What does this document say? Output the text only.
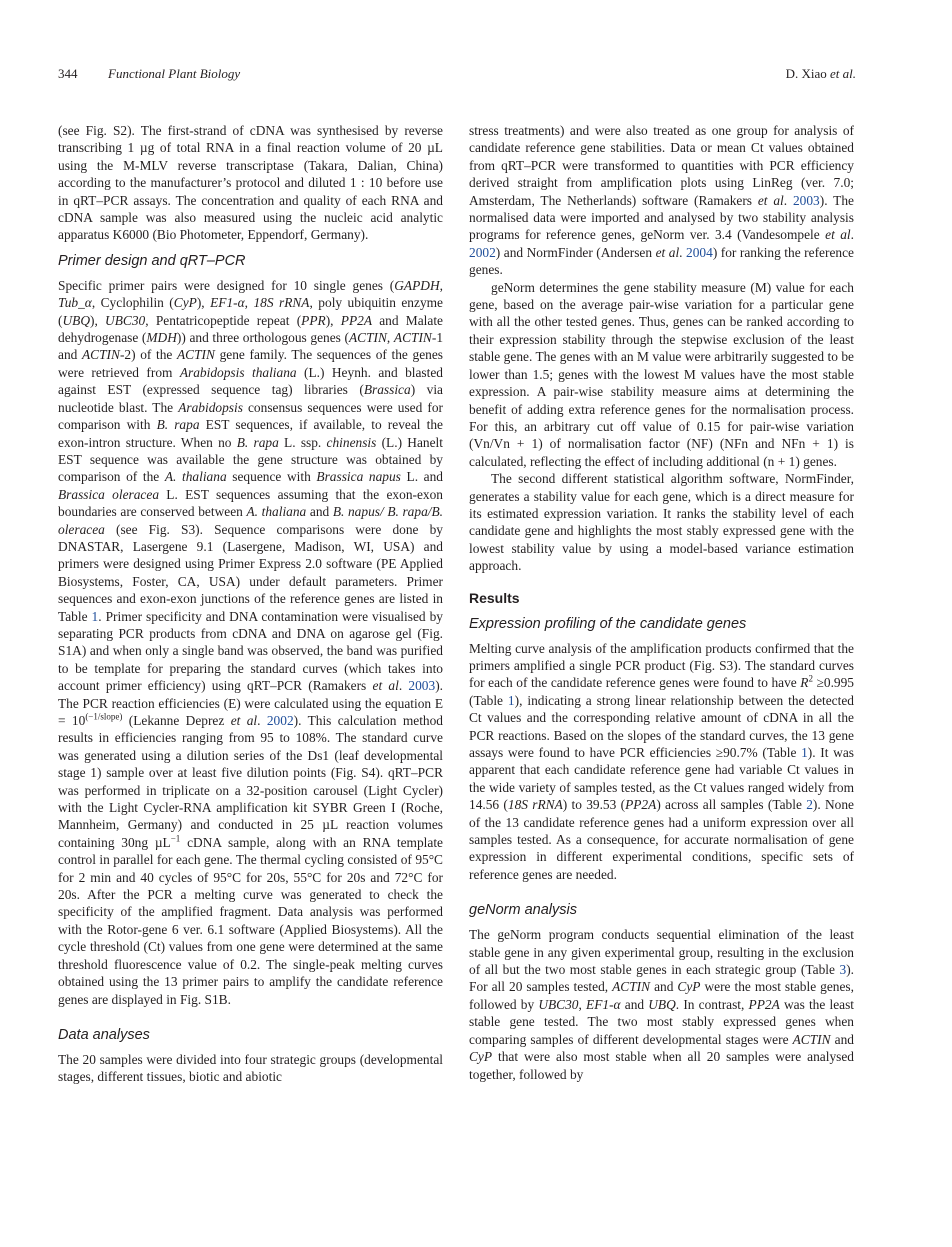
344 Functional Plant Biology	D. Xiao et al.

(see Fig. S2). The first-strand of cDNA was synthesised by reverse transcribing 1 µg of total RNA in a final reaction volume of 20 µL using the M-MLV reverse transcriptase (Takara, Dalian, China) according to the manufacturer’s protocol and diluted 1 : 10 before use in qRT–PCR assays. The concentration and quality of each RNA and cDNA sample was also measured using the nucleic acid analytic apparatus K6000 (Bio Photometer, Eppendorf, Germany).

Primer design and qRT–PCR

Specific primer pairs were designed for 10 single genes (GAPDH, Tub_α, Cyclophilin (CyP), EF1-α, 18S rRNA, poly ubiquitin enzyme (UBQ), UBC30, Pentatricopeptide repeat (PPR), PP2A and Malate dehydrogenase (MDH)) and three orthologous genes (ACTIN, ACTIN-1 and ACTIN-2) of the ACTIN gene family. The sequences of the genes were retrieved from Arabidopsis thaliana (L.) Heynh. and blasted against EST (expressed sequence tag) libraries (Brassica) via nucleotide blast. The Arabidopsis consensus sequences were used for comparison with B. rapa EST sequences, if available, to reveal the exon-intron structure. When no B. rapa L. ssp. chinensis (L.) Hanelt EST sequence was available the gene structure was obtained by comparison of the A. thaliana sequence with Brassica napus L. and Brassica oleracea L. EST sequences assuming that the exon-exon boundaries are conserved between A. thaliana and B. napus/ B. rapa/B. oleracea (see Fig. S3). Sequence comparisons were done by DNASTAR, Lasergene 9.1 (Lasergene, Madison, WI, USA) and primers were designed using Primer Express 2.0 software (PE Applied Biosystems, Foster, CA, USA) under default parameters. Primer sequences and exon-exon junctions of the reference genes are listed in Table 1. Primer specificity and DNA contamination were visualised by separating PCR products from cDNA and DNA on agarose gel (Fig. S1A) and when only a single band was observed, the band was purified to be template for preparing the standard curves (which takes into account primer efficiency) using qRT–PCR (Ramakers et al. 2003). The PCR reaction efficiencies (E) were calculated using the equation $E = 10^{(-1/slope)}$ (Lekanne Deprez et al. 2002). This calculation method results in efficiencies ranging from 95 to 108%. The standard curve was generated using a dilution series of the Ds1 (leaf developmental stage 1) sample over at least five dilution points (Fig. S4). qRT–PCR was performed in triplicate on a 32-position carousel (Light Cycler) with the Light Cycler-RNA amplification kit SYBR Green I (Roche, Mannheim, Germany) and conducted in 25 µL reaction volumes containing 30ng µL$^{-1}$ cDNA sample, along with an RNA template control in parallel for each gene. The thermal cycling consisted of 95°C for 2 min and 40 cycles of 95°C for 20s, 55°C for 20s and 72°C for 20s. After the PCR a melting curve was generated to check the specificity of the amplified fragment. Data analysis was performed with the Rotor-gene 6 ver. 6.1 software (Applied Biosystems). All the cycle threshold (Ct) values from one gene were determined at the same threshold fluorescence value of 0.2. The single-peak melting curves obtained using the 13 primer pairs to amplify the candidate reference genes are displayed in Fig. S1B.

Data analyses

The 20 samples were divided into four strategic groups (developmental stages, different tissues, biotic and abiotic

stress treatments) and were also treated as one group for analysis of candidate reference gene stabilities. Data or mean Ct values obtained from qRT–PCR were transformed to quantities with PCR efficiency derived straight from amplification plots using LinReg (ver. 7.0; Amsterdam, The Netherlands) software (Ramakers et al. 2003). The normalised data were imported and analysed by two stability analysis programs for reference genes, geNorm ver. 3.4 (Vandesompele et al. 2002) and NormFinder (Andersen et al. 2004) for ranking the reference genes.

geNorm determines the gene stability measure (M) value for each gene, based on the average pair-wise variation for a particular gene with all the other tested genes. Thus, genes can be ranked according to their expression stability through the stepwise exclusion of the least stable gene. The genes with an M value were arbitrarily suggested to be lower than 1.5; genes with the lowest M values have the most stable expression. A pair-wise stability measure aims at determining the benefit of adding extra reference genes for the normalisation process. For this, an arbitrary cut off value of 0.15 for pair-wise variation (Vn/Vn + 1) of normalisation factor (NF) (NFn and NFn + 1) is calculated, reflecting the effect of including additional (n + 1) genes.

The second different statistical algorithm software, NormFinder, generates a stability value for each gene, which is a direct measure for its estimated expression variation. It ranks the stability level of each candidate gene and highlights the most stably expressed gene with the lowest stability value by using a model-based variance estimation approach.

Results
Expression profiling of the candidate genes

Melting curve analysis of the amplification products confirmed that the primers amplified a single PCR product (Fig. S3). The standard curves for each of the candidate reference genes were found to have $R^2 \ge 0.995$ (Table 1), indicating a strong linear relationship between the detected Ct values and the corresponding relative amount of cDNA in all the PCR reactions. Based on the slopes of the standard curves, the 13 gene assays were found to have PCR efficiencies ≥90.7% (Table 1). It was apparent that each candidate reference gene had variable Ct values in the wide variety of samples tested, as the Ct values ranged widely from 14.56 (18S rRNA) to 39.53 (PP2A) across all samples (Table 2). None of the 13 candidate reference genes had a uniform expression over all samples tested. As a consequence, for accurate normalisation of gene expression in different experimental conditions, specific sets of reference genes are needed.

geNorm analysis

The geNorm program conducts sequential elimination of the least stable gene in any given experimental group, resulting in the exclusion of all but the two most stable genes in each strategic group (Table 3). For all 20 samples tested, ACTIN and CyP were the most stable genes, followed by UBC30, EF1-α and UBQ. In contrast, PP2A was the least stable gene tested. The two most stably expressed genes when comparing samples of different developmental stages were ACTIN and CyP that were also most stable when all 20 samples were analysed together, followed by
